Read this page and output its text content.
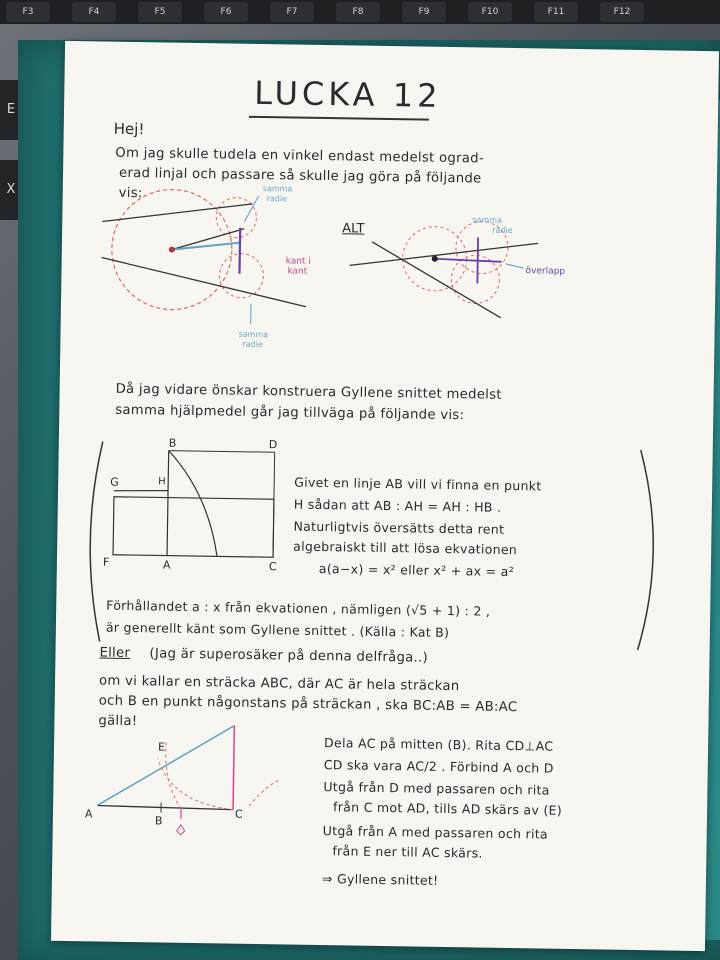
F3	F4	F5	F6	F7	F8	F9	F10	F11	F12
E
X
LUCKA 12
Hej!
Om jag skulle tudela en vinkel endast medelst ograd-
erad linjal och passare så skulle jag göra på följande
vis:	samma
radie
kant i
kant
samma
radie
ALT
samma
radie
överlapp
Då jag vidare önskar konstruera Gyllene snittet medelst
samma hjälpmedel går jag tillväga på följande vis:
B	D
G	H
F	A	C
Givet en linje AB vill vi finna en punkt
H sådan att AB : AH = AH : HB .
Naturligtvis översätts detta rent
algebraiskt till att lösa ekvationen
a(a−x) = x² eller x² + ax = a²
Förhållandet a : x från ekvationen , nämligen (√5 + 1) : 2 ,
är generellt känt som Gyllene snittet . (Källa : Kat B)
Eller (Jag är superosäker på denna delfråga..)
om vi kallar en sträcka ABC, där AC är hela sträckan
och B en punkt någonstans på sträckan , ska BC:AB = AB:AC
gälla!
E
A
B
C
Dela AC på mitten (B). Rita CD⊥AC
CD ska vara AC/2 . Förbind A och D
Utgå från D med passaren och rita
från C mot AD, tills AD skärs av (E)
Utgå från A med passaren och rita
från E ner till AC skärs.
⇒ Gyllene snittet!
